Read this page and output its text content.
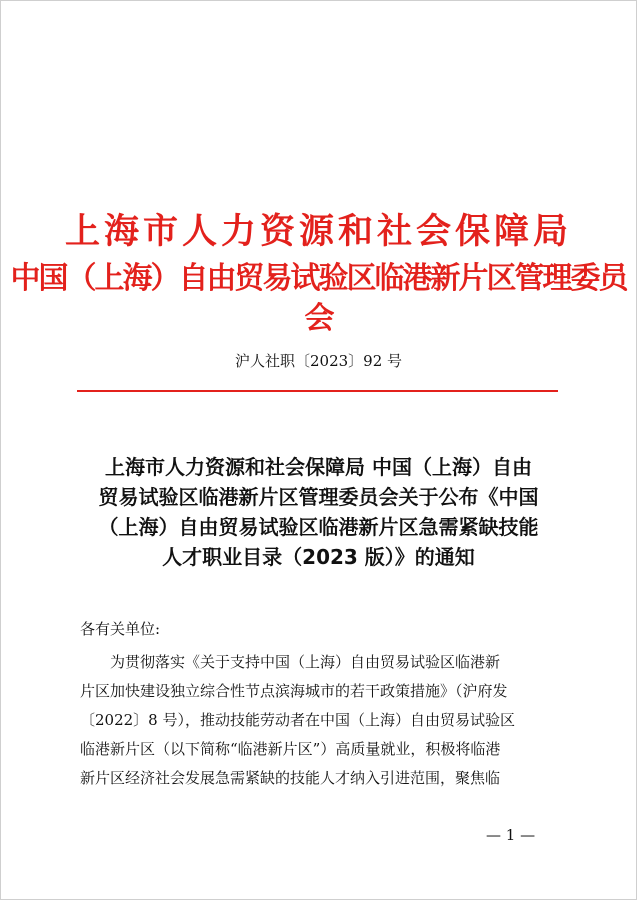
上海市人力资源和社会保障局
中国（上海）自由贸易试验区临港新片区管理委员会
沪人社职〔2023〕92 号
上海市人力资源和社会保障局 中国（上海）自由
贸易试验区临港新片区管理委员会关于公布《中国
（上海）自由贸易试验区临港新片区急需紧缺技能
人才职业目录（2023 版）》的通知
各有关单位:
为贯彻落实《关于支持中国（上海）自由贸易试验区临港新
片区加快建设独立综合性节点滨海城市的若干政策措施》（沪府发
〔2022〕8 号），推动技能劳动者在中国（上海）自由贸易试验区
临港新片区（以下简称“临港新片区”）高质量就业，积极将临港
新片区经济社会发展急需紧缺的技能人才纳入引进范围，聚焦临
— 1 —
